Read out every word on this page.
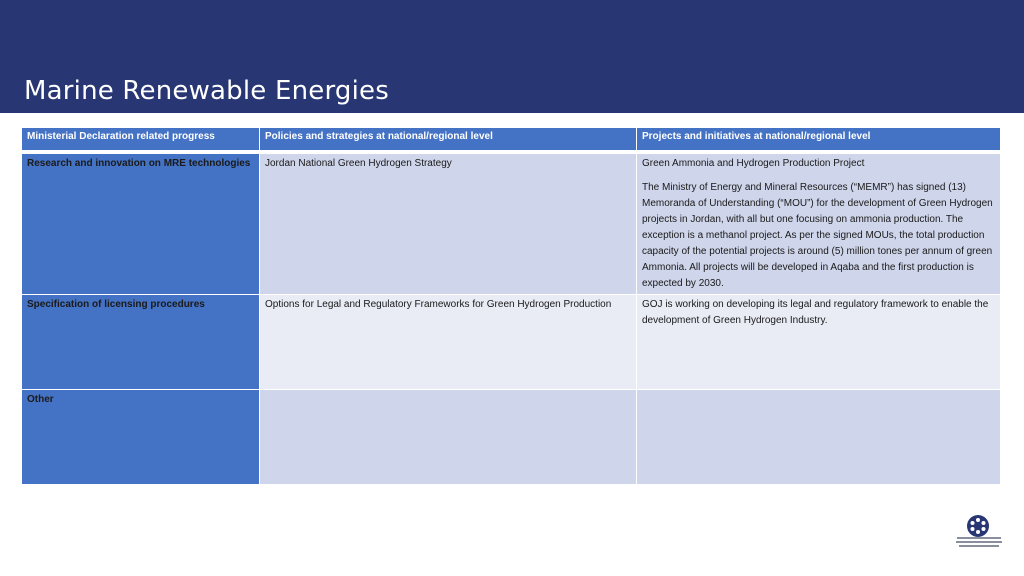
Marine Renewable Energies
Ministerial Declaration related progress	Policies and strategies at national/regional level	Projects and initiatives at national/regional level

Research and innovation on MRE technologies	Jordan National Green Hydrogen Strategy	Green Ammonia and Hydrogen Production Project

The Ministry of Energy and Mineral Resources (“MEMR”) has signed (13) Memoranda of Understanding (“MOU”) for the development of Green Hydrogen projects in Jordan, with all but one focusing on ammonia production. The exception is a methanol project. As per the signed MOUs, the total production capacity of the potential projects is around (5) million tones per annum of green Ammonia. All projects will be developed in Aqaba and the first production is expected by 2030.

Specification of licensing procedures	Options for Legal and Regulatory Frameworks for Green Hydrogen Production	GOJ is working on developing its legal and regulatory framework to enable the development of Green Hydrogen Industry.

Other	
